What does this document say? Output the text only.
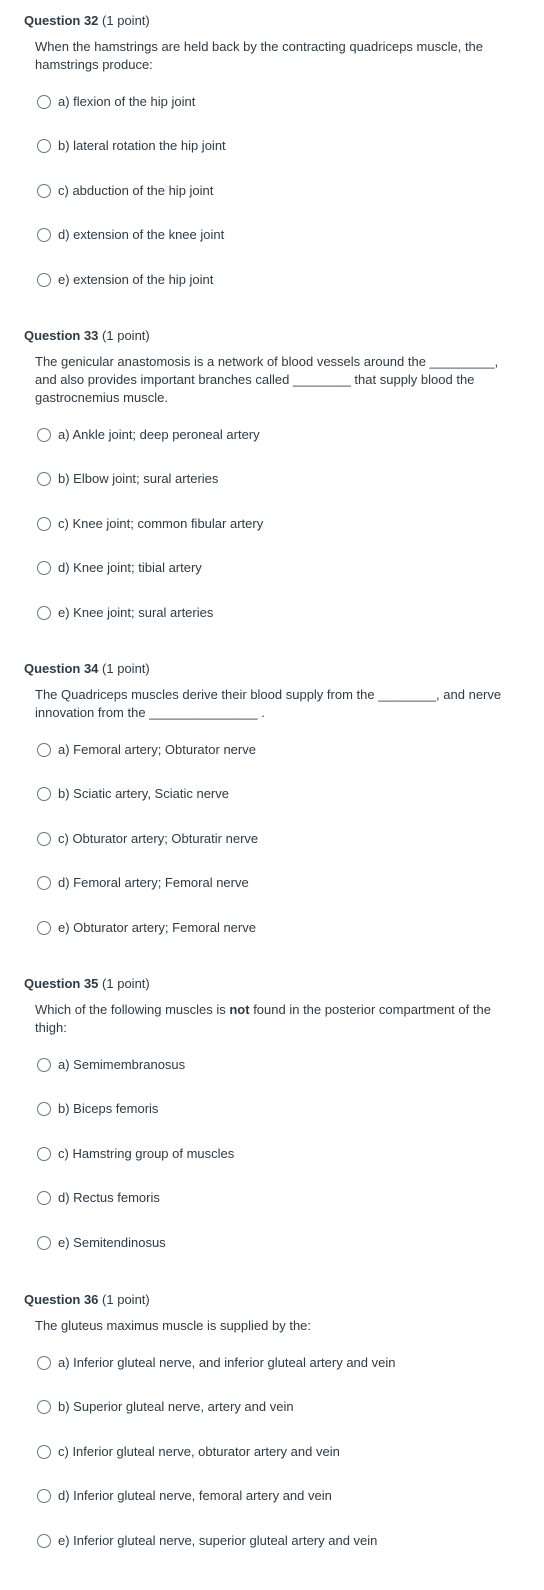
Question 32 (1 point)
When the hamstrings are held back by the contracting quadriceps muscle, the hamstrings produce:
a) flexion of the hip joint
b) lateral rotation the hip joint
c) abduction of the hip joint
d) extension of the knee joint
e) extension of the hip joint
Question 33 (1 point)
The genicular anastomosis is a network of blood vessels around the _________, and also provides important branches called ________ that supply blood the gastrocnemius muscle.
a) Ankle joint; deep peroneal artery
b) Elbow joint; sural arteries
c) Knee joint; common fibular artery
d) Knee joint; tibial artery
e) Knee joint; sural arteries
Question 34 (1 point)
The Quadriceps muscles derive their blood supply from the ________, and nerve innovation from the _______________ .
a) Femoral artery; Obturator nerve
b) Sciatic artery, Sciatic nerve
c) Obturator artery; Obturatir nerve
d) Femoral artery; Femoral nerve
e) Obturator artery; Femoral nerve
Question 35 (1 point)
Which of the following muscles is not found in the posterior compartment of the thigh:
a) Semimembranosus
b) Biceps femoris
c) Hamstring group of muscles
d) Rectus femoris
e) Semitendinosus
Question 36 (1 point)
The gluteus maximus muscle is supplied by the:
a) Inferior gluteal nerve, and inferior gluteal artery and vein
b) Superior gluteal nerve, artery and vein
c) Inferior gluteal nerve, obturator artery and vein
d) Inferior gluteal nerve, femoral artery and vein
e) Inferior gluteal nerve, superior gluteal artery and vein
